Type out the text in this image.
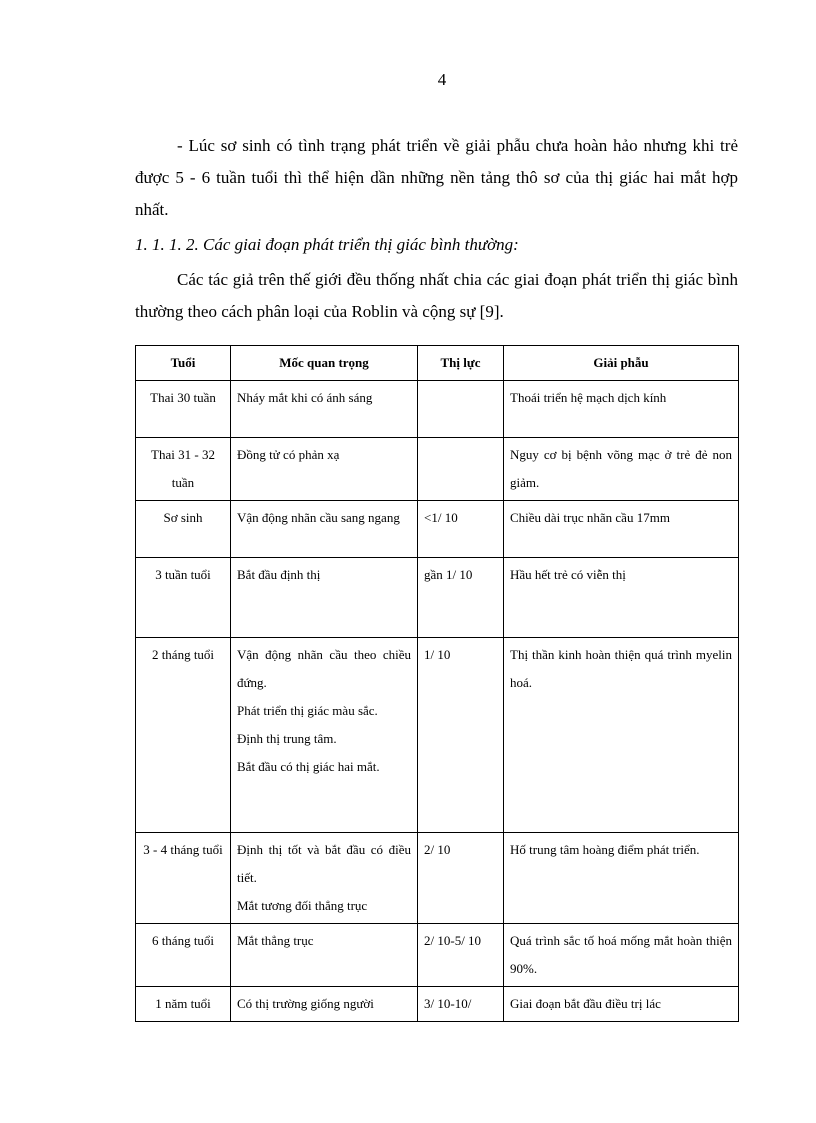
4

- Lúc sơ sinh có tình trạng phát triển về giải phẫu chưa hoàn hảo nhưng khi trẻ được 5 - 6 tuần tuổi thì thể hiện dần những nền tảng thô sơ của thị giác hai mắt hợp nhất.

1. 1. 1. 2. Các giai đoạn phát triển thị giác bình thường:

Các tác giả trên thế giới đều thống nhất chia các giai đoạn phát triển thị giác bình thường theo cách phân loại của Roblin và cộng sự [9].

Tuổi	Mốc quan trọng	Thị lực	Giải phẫu
Thai 30 tuần	Nháy mắt khi có ánh sáng		Thoái triển hệ mạch dịch kính
Thai 31 - 32 tuần	Đồng tử có phản xạ		Nguy cơ bị bệnh võng mạc ở trẻ đẻ non giảm.
Sơ sinh	Vận động nhãn cầu sang ngang	<1/ 10	Chiều dài trục nhãn cầu 17mm
3 tuần tuổi	Bắt đầu định thị	gần 1/ 10	Hầu hết trẻ có viễn thị
2 tháng tuổi	Vận động nhãn cầu theo chiều đứng.
Phát triển thị giác màu sắc.
Định thị trung tâm.
Bắt đầu có thị giác hai mắt.	1/ 10	Thị thần kinh hoàn thiện quá trình myelin hoá.
3 - 4 tháng tuổi	Định thị tốt và bắt đầu có điều tiết.
Mắt tương đối thẳng trục	2/ 10	Hố trung tâm hoàng điểm phát triển.
6 tháng tuổi	Mắt thẳng trục	2/ 10-5/ 10	Quá trình sắc tố hoá mống mắt hoàn thiện 90%.
1 năm tuổi	Có thị trường giống người	3/ 10-10/	Giai đoạn bắt đầu điều trị lác
